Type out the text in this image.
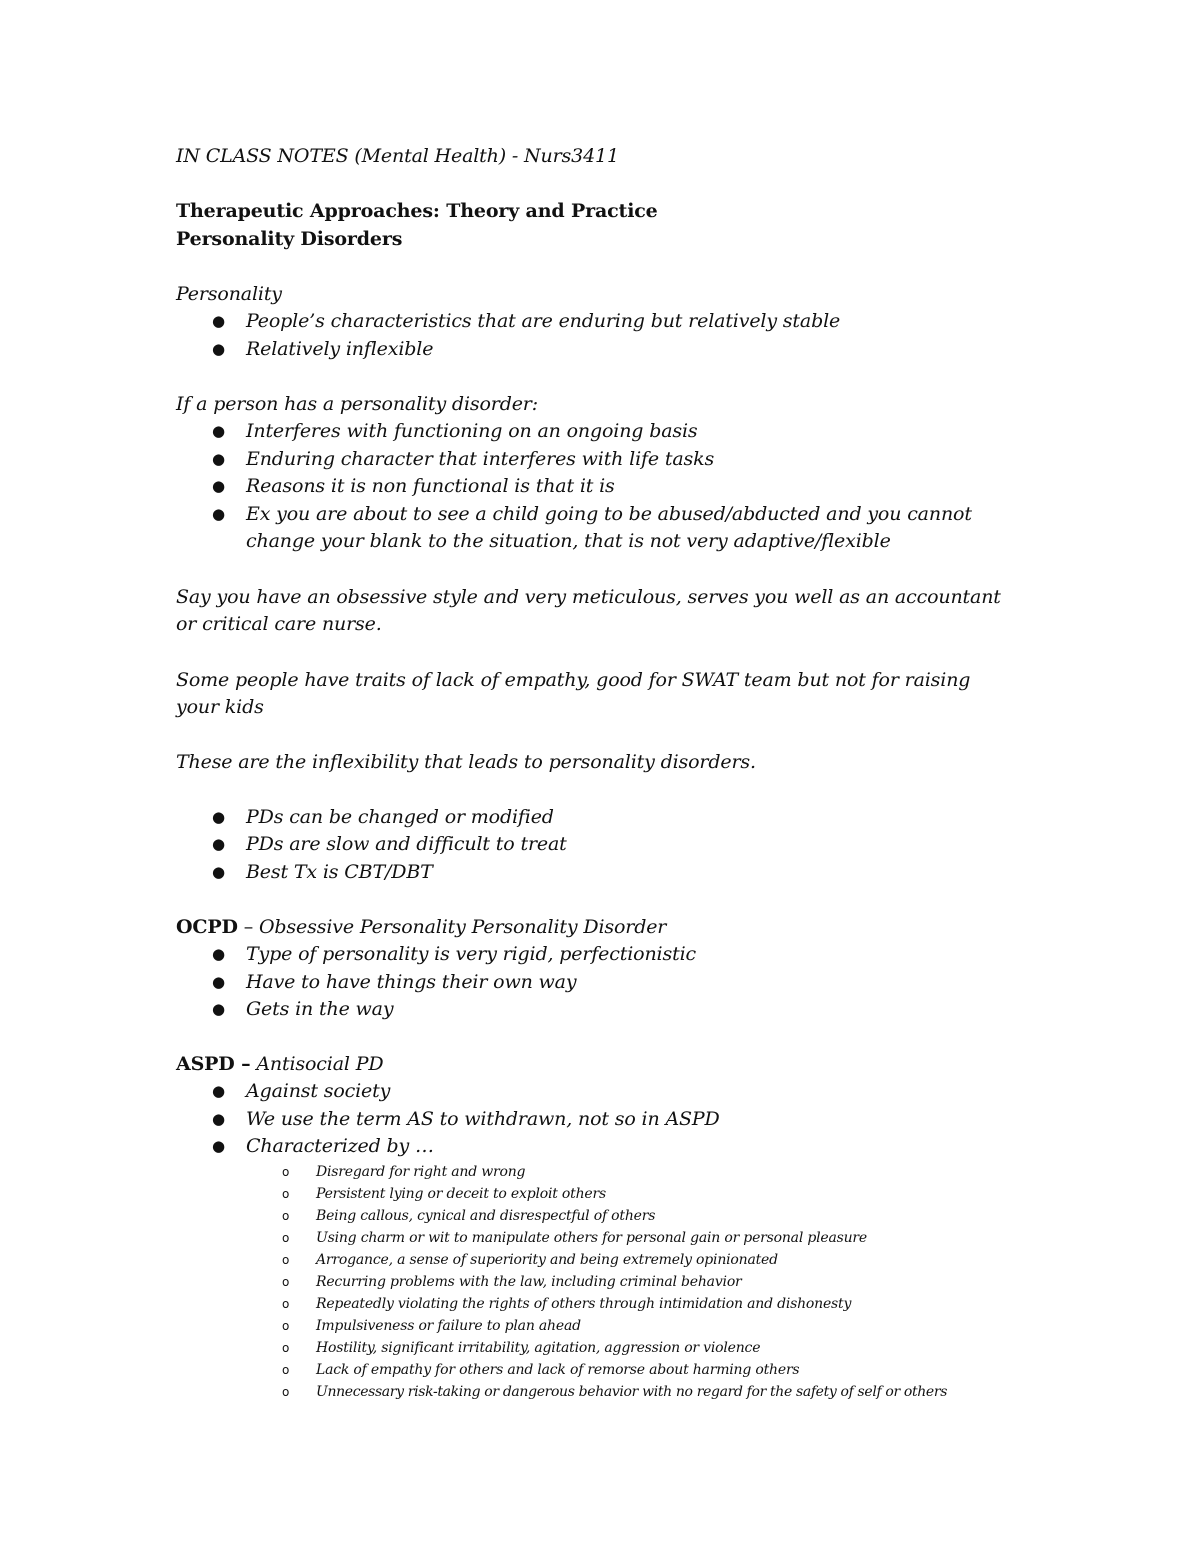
IN CLASS NOTES (Mental Health) - Nurs3411
Therapeutic Approaches: Theory and Practice
Personality Disorders
Personality
● People’s characteristics that are enduring but relatively stable
● Relatively inflexible
If a person has a personality disorder:
● Interferes with functioning on an ongoing basis
● Enduring character that interferes with life tasks
● Reasons it is non functional is that it is
● Ex you are about to see a child going to be abused/abducted and you cannot
change your blank to the situation, that is not very adaptive/flexible
Say you have an obsessive style and very meticulous, serves you well as an accountant
or critical care nurse.
Some people have traits of lack of empathy, good for SWAT team but not for raising
your kids
These are the inflexibility that leads to personality disorders.
● PDs can be changed or modified
● PDs are slow and difficult to treat
● Best Tx is CBT/DBT
OCPD – Obsessive Personality Personality Disorder
● Type of personality is very rigid, perfectionistic
● Have to have things their own way
● Gets in the way
ASPD – Antisocial PD
● Against society
● We use the term AS to withdrawn, not so in ASPD
● Characterized by …
o Disregard for right and wrong
o Persistent lying or deceit to exploit others
o Being callous, cynical and disrespectful of others
o Using charm or wit to manipulate others for personal gain or personal pleasure
o Arrogance, a sense of superiority and being extremely opinionated
o Recurring problems with the law, including criminal behavior
o Repeatedly violating the rights of others through intimidation and dishonesty
o Impulsiveness or failure to plan ahead
o Hostility, significant irritability, agitation, aggression or violence
o Lack of empathy for others and lack of remorse about harming others
o Unnecessary risk-taking or dangerous behavior with no regard for the safety of self or others
